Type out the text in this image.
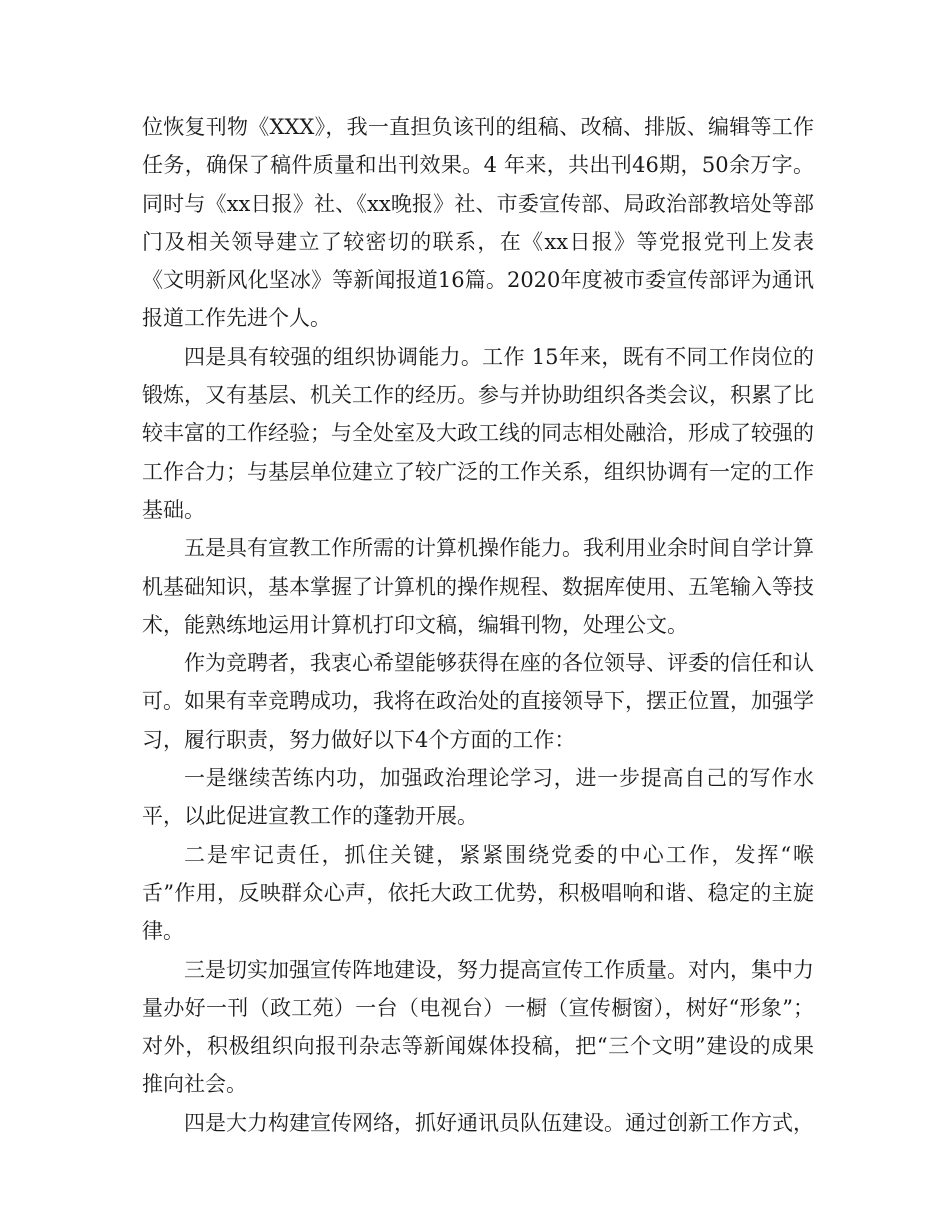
位恢复刊物《XXX》，我一直担负该刊的组稿、改稿、排版、编辑等工作任务，确保了稿件质量和出刊效果。4 年来，共出刊46期，50余万字。同时与《xx日报》社、《xx晚报》社、市委宣传部、局政治部教培处等部门及相关领导建立了较密切的联系，在《xx日报》等党报党刊上发表《文明新风化坚冰》等新闻报道16篇。2020年度被市委宣传部评为通讯报道工作先进个人。

四是具有较强的组织协调能力。工作 15年来，既有不同工作岗位的锻炼，又有基层、机关工作的经历。参与并协助组织各类会议，积累了比较丰富的工作经验；与全处室及大政工线的同志相处融洽，形成了较强的工作合力；与基层单位建立了较广泛的工作关系，组织协调有一定的工作基础。

五是具有宣教工作所需的计算机操作能力。我利用业余时间自学计算机基础知识，基本掌握了计算机的操作规程、数据库使用、五笔输入等技术，能熟练地运用计算机打印文稿，编辑刊物，处理公文。

作为竞聘者，我衷心希望能够获得在座的各位领导、评委的信任和认可。如果有幸竞聘成功，我将在政治处的直接领导下，摆正位置，加强学习，履行职责，努力做好以下4个方面的工作：

一是继续苦练内功，加强政治理论学习，进一步提高自己的写作水平，以此促进宣教工作的蓬勃开展。

二是牢记责任，抓住关键，紧紧围绕党委的中心工作，发挥“喉舌”作用，反映群众心声，依托大政工优势，积极唱响和谐、稳定的主旋律。

三是切实加强宣传阵地建设，努力提高宣传工作质量。对内，集中力量办好一刊（政工苑）一台（电视台）一橱（宣传橱窗），树好“形象”；对外，积极组织向报刊杂志等新闻媒体投稿，把“三个文明”建设的成果推向社会。

四是大力构建宣传网络，抓好通讯员队伍建设。通过创新工作方式，
